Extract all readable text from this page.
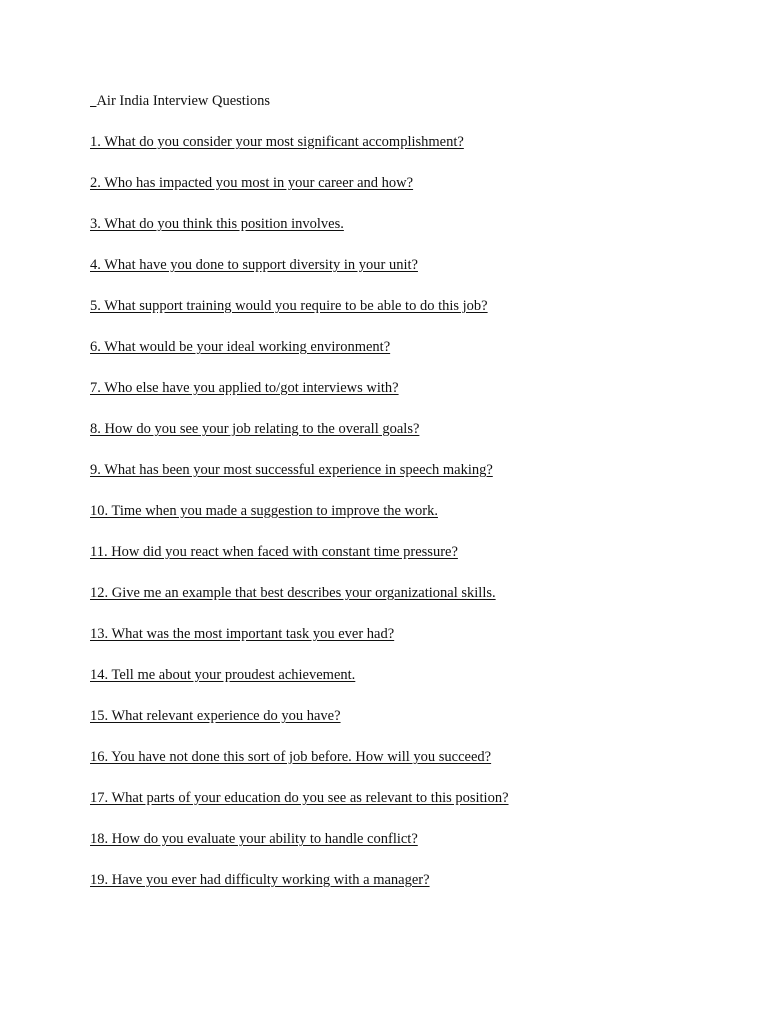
Air India Interview Questions
1. What do you consider your most significant accomplishment?
2. Who has impacted you most in your career and how?
3. What do you think this position involves.
4. What have you done to support diversity in your unit?
5. What support training would you require to be able to do this job?
6. What would be your ideal working environment?
7. Who else have you applied to/got interviews with?
8. How do you see your job relating to the overall goals?
9. What has been your most successful experience in speech making?
10. Time when you made a suggestion to improve the work.
11. How did you react when faced with constant time pressure?
12. Give me an example that best describes your organizational skills.
13. What was the most important task you ever had?
14. Tell me about your proudest achievement.
15. What relevant experience do you have?
16. You have not done this sort of job before. How will you succeed?
17. What parts of your education do you see as relevant to this position?
18. How do you evaluate your ability to handle conflict?
19. Have you ever had difficulty working with a manager?
